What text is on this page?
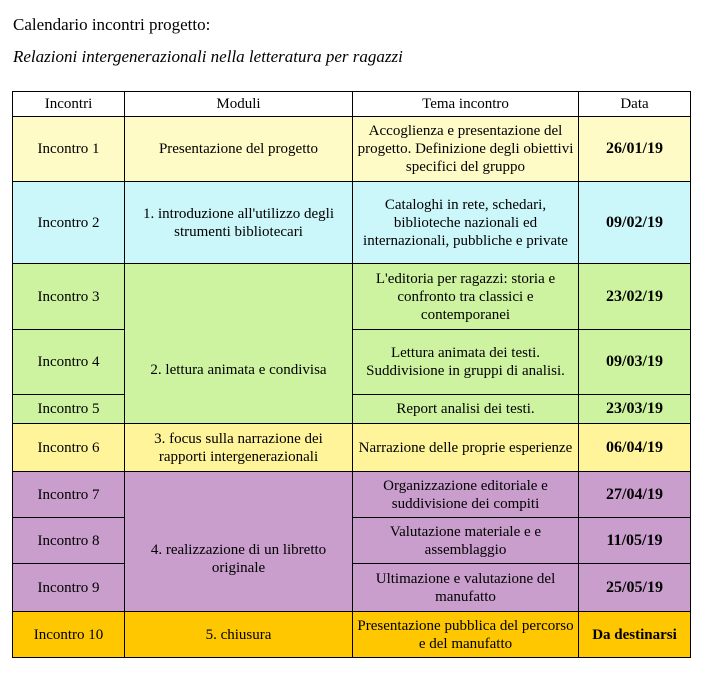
Calendario incontri progetto:
Relazioni intergenerazionali nella letteratura per ragazzi
Incontri	Moduli	Tema incontro	Data
Incontro 1	Presentazione del progetto	Accoglienza e presentazione del progetto. Definizione degli obiettivi specifici del gruppo	26/01/19
Incontro 2	1. introduzione all'utilizzo degli strumenti bibliotecari	Cataloghi in rete, schedari, biblioteche nazionali ed internazionali, pubbliche e private	09/02/19
Incontro 3	2. lettura animata e condivisa	L'editoria per ragazzi: storia e confronto tra classici e contemporanei	23/02/19
Incontro 4		Lettura animata dei testi. Suddivisione in gruppi di analisi.	09/03/19
Incontro 5		Report analisi dei testi.	23/03/19
Incontro 6	3. focus sulla narrazione dei rapporti intergenerazionali	Narrazione delle proprie esperienze	06/04/19
Incontro 7	4. realizzazione di un libretto originale	Organizzazione editoriale e suddivisione dei compiti	27/04/19
Incontro 8		Valutazione materiale e e assemblaggio	11/05/19
Incontro 9		Ultimazione e valutazione del manufatto	25/05/19
Incontro 10	5. chiusura	Presentazione pubblica del percorso e del manufatto	Da destinarsi
